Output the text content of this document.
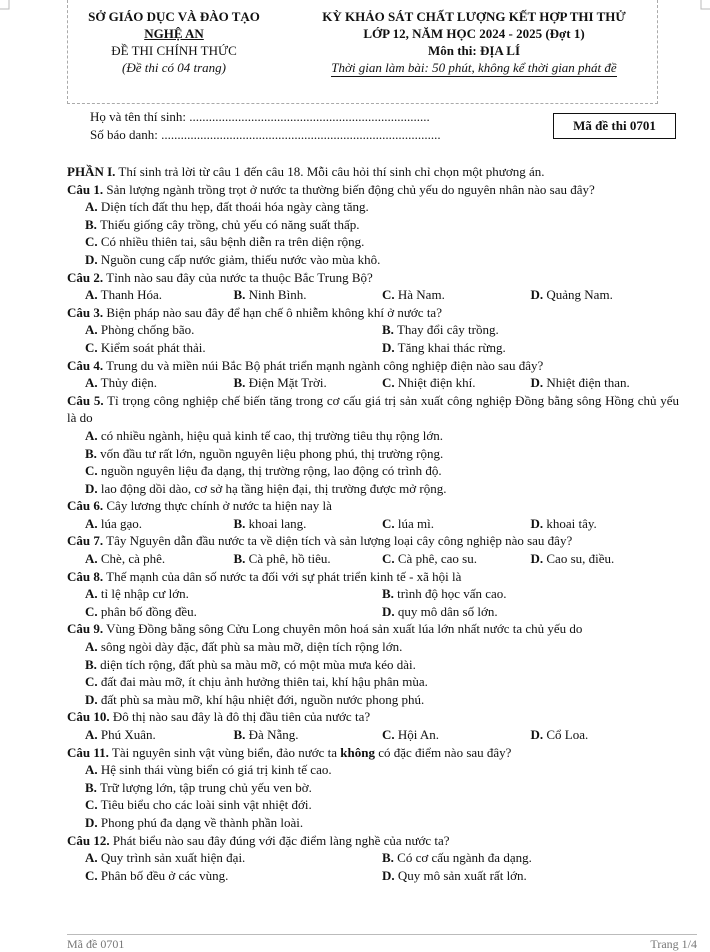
SỞ GIÁO DỤC VÀ ĐÀO TẠO
NGHỆ AN
ĐỀ THI CHÍNH THỨC
(Đề thi có 04 trang)
KỲ KHẢO SÁT CHẤT LƯỢNG KẾT HỢP THI THỬ
LỚP 12, NĂM HỌC 2024 - 2025 (Đợt 1)
Môn thi: ĐỊA LÍ
Thời gian làm bài: 50 phút, không kể thời gian phát đề
Họ và tên thí sinh: ..........................................................................
Số báo danh: ......................................................................................
Mã đề thi 0701
PHẦN I. Thí sinh trả lời từ câu 1 đến câu 18. Mỗi câu hỏi thí sinh chỉ chọn một phương án.
Câu 1. Sản lượng ngành trồng trọt ở nước ta thường biến động chủ yếu do nguyên nhân nào sau đây?
A. Diện tích đất thu hẹp, đất thoái hóa ngày càng tăng.
B. Thiếu giống cây trồng, chủ yếu có năng suất thấp.
C. Có nhiều thiên tai, sâu bệnh diễn ra trên diện rộng.
D. Nguồn cung cấp nước giảm, thiếu nước vào mùa khô.
Câu 2. Tỉnh nào sau đây của nước ta thuộc Bắc Trung Bộ?
A. Thanh Hóa.	B. Ninh Bình.	C. Hà Nam.	D. Quảng Nam.
Câu 3. Biện pháp nào sau đây để hạn chế ô nhiễm không khí ở nước ta?
A. Phòng chống bão.	B. Thay đổi cây trồng.
C. Kiểm soát phát thải.	D. Tăng khai thác rừng.
Câu 4. Trung du và miền núi Bắc Bộ phát triển mạnh ngành công nghiệp điện nào sau đây?
A. Thủy điện.	B. Điện Mặt Trời.	C. Nhiệt điện khí.	D. Nhiệt điện than.
Câu 5. Tỉ trọng công nghiệp chế biến tăng trong cơ cấu giá trị sản xuất công nghiệp Đồng bằng sông Hồng chủ yếu là do
A. có nhiều ngành, hiệu quả kinh tế cao, thị trường tiêu thụ rộng lớn.
B. vốn đầu tư rất lớn, nguồn nguyên liệu phong phú, thị trường rộng.
C. nguồn nguyên liệu đa dạng, thị trường rộng, lao động có trình độ.
D. lao động dồi dào, cơ sở hạ tầng hiện đại, thị trường được mở rộng.
Câu 6. Cây lương thực chính ở nước ta hiện nay là
A. lúa gạo.	B. khoai lang.	C. lúa mì.	D. khoai tây.
Câu 7. Tây Nguyên dẫn đầu nước ta về diện tích và sản lượng loại cây công nghiệp nào sau đây?
A. Chè, cà phê.	B. Cà phê, hồ tiêu.	C. Cà phê, cao su.	D. Cao su, điều.
Câu 8. Thế mạnh của dân số nước ta đối với sự phát triển kinh tế - xã hội là
A. tỉ lệ nhập cư lớn.	B. trình độ học vấn cao.
C. phân bố đồng đều.	D. quy mô dân số lớn.
Câu 9. Vùng Đồng bằng sông Cửu Long chuyên môn hoá sản xuất lúa lớn nhất nước ta chủ yếu do
A. sông ngòi dày đặc, đất phù sa màu mỡ, diện tích rộng lớn.
B. diện tích rộng, đất phù sa màu mỡ, có một mùa mưa kéo dài.
C. đất đai màu mỡ, ít chịu ảnh hưởng thiên tai, khí hậu phân mùa.
D. đất phù sa màu mỡ, khí hậu nhiệt đới, nguồn nước phong phú.
Câu 10. Đô thị nào sau đây là đô thị đầu tiên của nước ta?
A. Phú Xuân.	B. Đà Nẵng.	C. Hội An.	D. Cổ Loa.
Câu 11. Tài nguyên sinh vật vùng biển, đảo nước ta không có đặc điểm nào sau đây?
A. Hệ sinh thái vùng biển có giá trị kinh tế cao.
B. Trữ lượng lớn, tập trung chủ yếu ven bờ.
C. Tiêu biểu cho các loài sinh vật nhiệt đới.
D. Phong phú đa dạng về thành phần loài.
Câu 12. Phát biểu nào sau đây đúng với đặc điểm làng nghề của nước ta?
A. Quy trình sản xuất hiện đại.	B. Có cơ cấu ngành đa dạng.
C. Phân bố đều ở các vùng.	D. Quy mô sản xuất rất lớn.
Mã đề 0701	Trang 1/4
